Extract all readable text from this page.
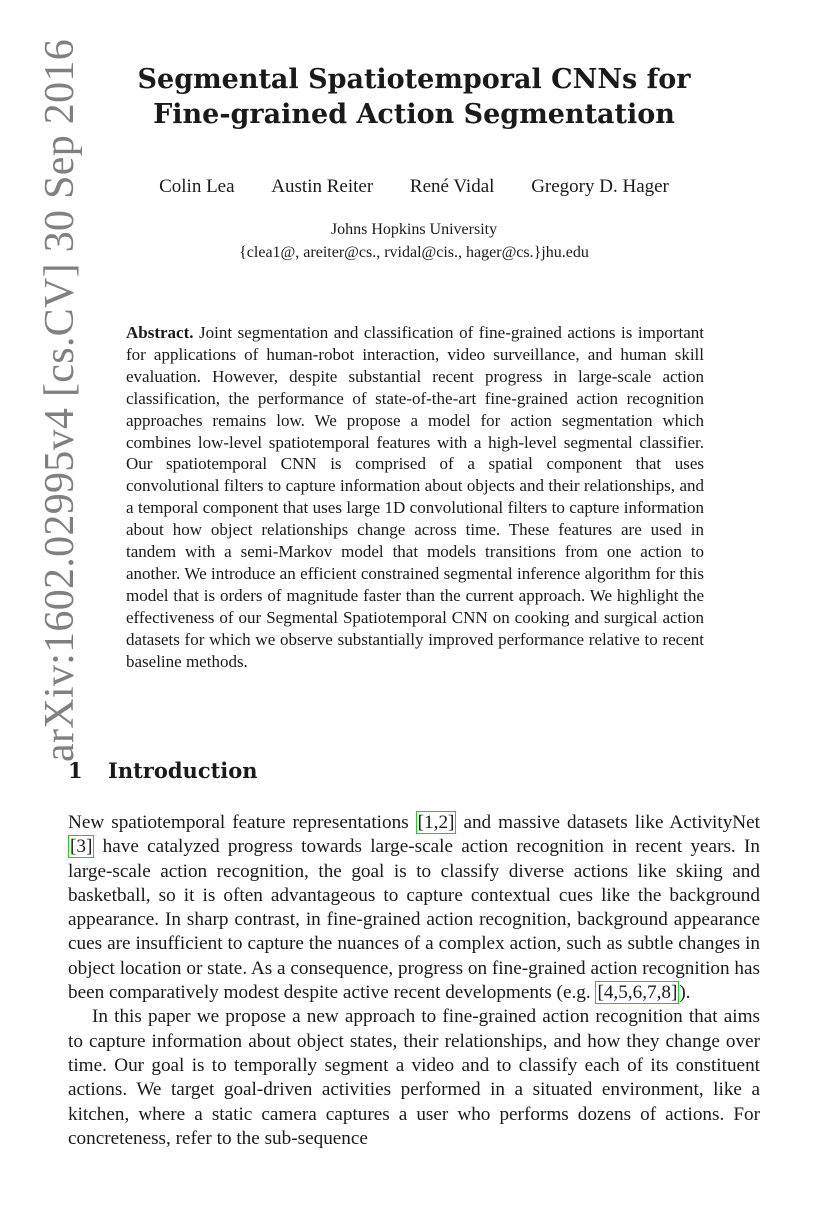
arXiv:1602.02995v4 [cs.CV] 30 Sep 2016	Segmental Spatiotemporal CNNs for
Fine-grained Action Segmentation
Colin Lea Austin Reiter René Vidal Gregory D. Hager
Johns Hopkins University
{clea1@, areiter@cs., rvidal@cis., hager@cs.}jhu.edu
Abstract. Joint segmentation and classification of fine-grained actions is important for applications of human-robot interaction, video surveillance, and human skill evaluation. However, despite substantial recent progress in large-scale action classification, the performance of state-of-the-art fine-grained action recognition approaches remains low. We propose a model for action segmentation which combines low-level spatiotemporal features with a high-level segmental classifier. Our spatiotemporal CNN is comprised of a spatial component that uses convolutional filters to capture information about objects and their relationships, and a temporal component that uses large 1D convolutional filters to capture information about how object relationships change across time. These features are used in tandem with a semi-Markov model that models transitions from one action to another. We introduce an efficient constrained segmental inference algorithm for this model that is orders of magnitude faster than the current approach. We highlight the effectiveness of our Segmental Spatiotemporal CNN on cooking and surgical action datasets for which we observe substantially improved performance relative to recent baseline methods.
1 Introduction

New spatiotemporal feature representations [1,2] and massive datasets like ActivityNet [3] have catalyzed progress towards large-scale action recognition in recent years. In large-scale action recognition, the goal is to classify diverse actions like skiing and basketball, so it is often advantageous to capture contextual cues like the background appearance. In sharp contrast, in fine-grained action recognition, background appearance cues are insufficient to capture the nuances of a complex action, such as subtle changes in object location or state. As a consequence, progress on fine-grained action recognition has been comparatively modest despite active recent developments (e.g. [4,5,6,7,8] ).

In this paper we propose a new approach to fine-grained action recognition that aims to capture information about object states, their relationships, and how they change over time. Our goal is to temporally segment a video and to classify each of its constituent actions. We target goal-driven activities performed in a situated environment, like a kitchen, where a static camera captures a user who performs dozens of actions. For concreteness, refer to the sub-sequence
